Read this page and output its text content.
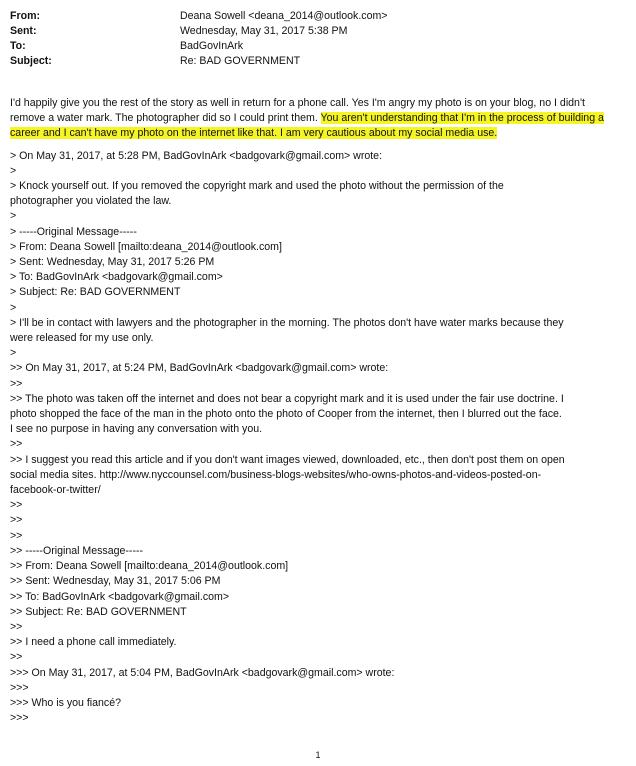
From:	Deana Sowell <deana_2014@outlook.com>
Sent:	Wednesday, May 31, 2017 5:38 PM
To:	BadGovInArk
Subject:	Re: BAD GOVERNMENT
I'd happily give you the rest of the story as well in return for a phone call. Yes I'm angry my photo is on your blog, no I didn't remove a water mark. The photographer did so I could print them. You aren't understanding that I'm in the process of building a career and I can't have my photo on the internet like that. I am very cautious about my social media use.
> On May 31, 2017, at 5:28 PM, BadGovInArk <badgovark@gmail.com> wrote:
>
> Knock yourself out. If you removed the copyright mark and used the photo without the permission of the
photographer you violated the law.
>
> -----Original Message-----
> From: Deana Sowell [mailto:deana_2014@outlook.com]
> Sent: Wednesday, May 31, 2017 5:26 PM
> To: BadGovInArk <badgovark@gmail.com>
> Subject: Re: BAD GOVERNMENT
>
> I'll be in contact with lawyers and the photographer in the morning. The photos don't have water marks because they
were released for my use only.
>
>> On May 31, 2017, at 5:24 PM, BadGovInArk <badgovark@gmail.com> wrote:
>>
>> The photo was taken off the internet and does not bear a copyright mark and it is used under the fair use doctrine. I
photo shopped the face of the man in the photo onto the photo of Cooper from the internet, then I blurred out the face.
I see no purpose in having any conversation with you.
>>
>> I suggest you read this article and if you don't want images viewed, downloaded, etc., then don't post them on open
social media sites. http://www.nyccounsel.com/business-blogs-websites/who-owns-photos-and-videos-posted-on-
facebook-or-twitter/
>>
>>
>>
>> -----Original Message-----
>> From: Deana Sowell [mailto:deana_2014@outlook.com]
>> Sent: Wednesday, May 31, 2017 5:06 PM
>> To: BadGovInArk <badgovark@gmail.com>
>> Subject: Re: BAD GOVERNMENT
>>
>> I need a phone call immediately.
>>
>>> On May 31, 2017, at 5:04 PM, BadGovInArk <badgovark@gmail.com> wrote:
>>>
>>> Who is you fiancé?
>>>
1
